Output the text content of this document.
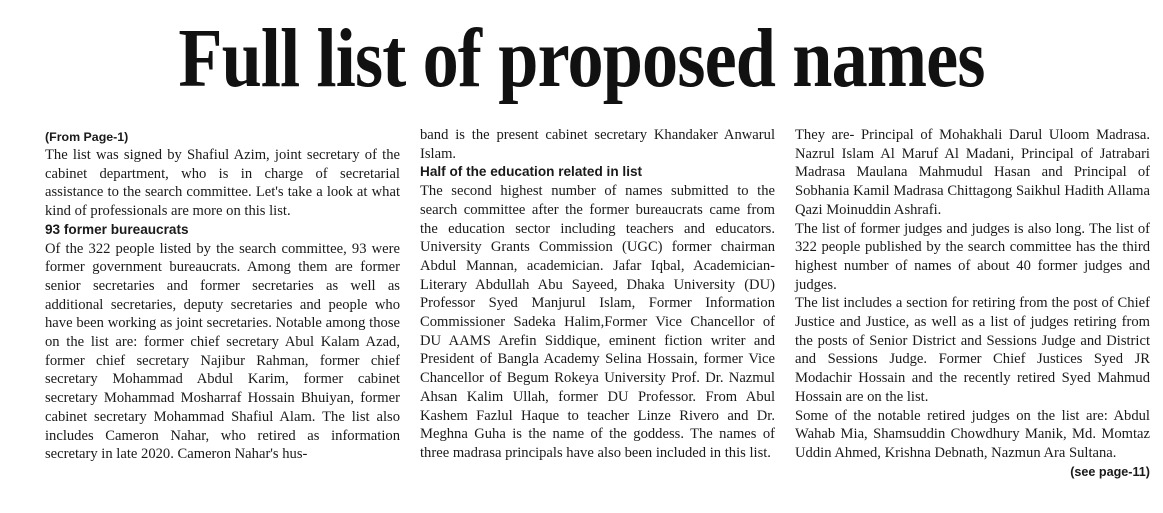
Full list of proposed names

(From Page-1)

The list was signed by Shafiul Azim, joint secretary of the cabinet department, who is in charge of secretarial assistance to the search committee. Let's take a look at what kind of professionals are more on this list.

93 former bureaucrats

Of the 322 people listed by the search committee, 93 were former government bureaucrats. Among them are former senior secretaries and former secretaries as well as additional secretaries, deputy secretaries and people who have been working as joint secretaries. Notable among those on the list are: former chief secretary Abul Kalam Azad, former chief secretary Najibur Rahman, former chief secretary Mohammad Abdul Karim, former cabinet secretary Mohammad Mosharraf Hossain Bhuiyan, former cabinet secretary Mohammad Shafiul Alam. The list also includes Cameron Nahar, who retired as information secretary in late 2020. Cameron Nahar's hus-

band is the present cabinet secretary Khandaker Anwarul Islam.

Half of the education related in list

The second highest number of names submitted to the search committee after the former bureaucrats came from the education sector including teachers and educators. University Grants Commission (UGC) former chairman Abdul Mannan, academician. Jafar Iqbal, Academician-Literary Abdullah Abu Sayeed, Dhaka University (DU) Professor Syed Manjurul Islam, Former Information Commissioner Sadeka Halim,Former Vice Chancellor of DU AAMS Arefin Siddique, eminent fiction writer and President of Bangla Academy Selina Hossain, former Vice Chancellor of Begum Rokeya University Prof. Dr. Nazmul Ahsan Kalim Ullah, former DU Professor. From Abul Kashem Fazlul Haque to teacher Linze Rivero and Dr. Meghna Guha is the name of the goddess. The names of three madrasa principals have also been included in this list.

They are- Principal of Mohakhali Darul Uloom Madrasa. Nazrul Islam Al Maruf Al Madani, Principal of Jatrabari Madrasa Maulana Mahmudul Hasan and Principal of Sobhania Kamil Madrasa Chittagong Saikhul Hadith Allama Qazi Moinuddin Ashrafi.

The list of former judges and judges is also long. The list of 322 people published by the search committee has the third highest number of names of about 40 former judges and judges.

The list includes a section for retiring from the post of Chief Justice and Justice, as well as a list of judges retiring from the posts of Senior District and Sessions Judge and District and Sessions Judge. Former Chief Justices Syed JR Modachir Hossain and the recently retired Syed Mahmud Hossain are on the list.

Some of the notable retired judges on the list are: Abdul Wahab Mia, Shamsuddin Chowdhury Manik, Md. Momtaz Uddin Ahmed, Krishna Debnath, Nazmun Ara Sultana.
(see page-11)
